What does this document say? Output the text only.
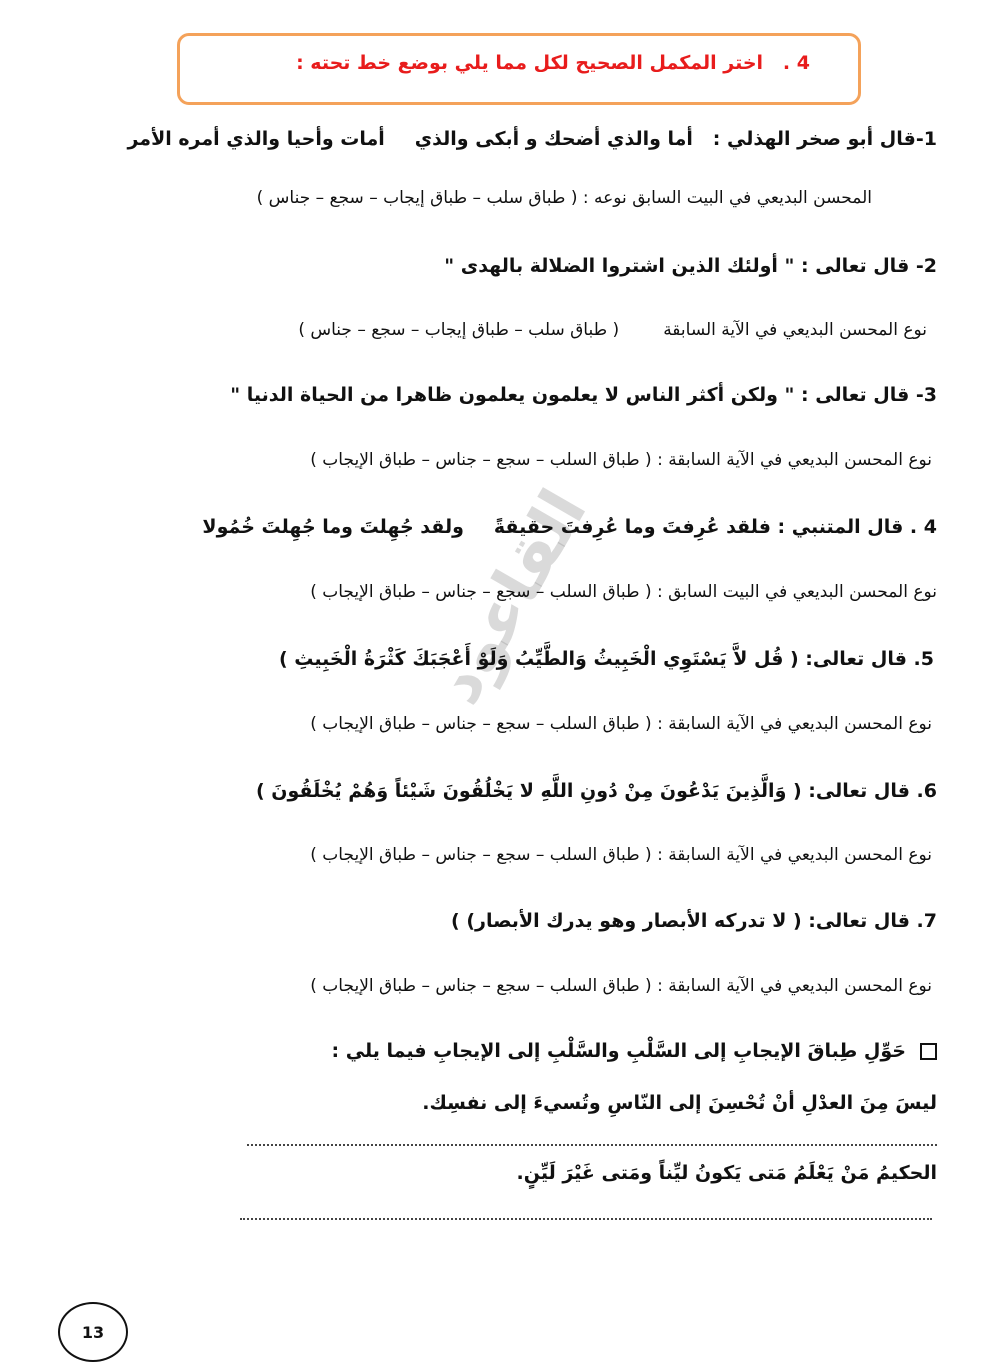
4 .   اختر المكمل الصحيح لكل مما يلي بوضع خط تحته :
القاعود
1-قال أبو صخر الهذلي :   أما والذي أضحك و أبكى والذيأمات وأحيا والذي أمره الأمر
المحسن البديعي في البيت السابق نوعه : ( طباق سلب – طباق إيجاب – سجع – جناس )
2- قال تعالى : " أولئك الذين اشتروا الضلالة بالهدى "
نوع المحسن البديعي في الآية السابقة( طباق سلب – طباق إيجاب – سجع – جناس )
3- قال تعالى : " ولكن أكثر الناس لا يعلمون يعلمون ظاهرا من الحياة الدنيا "
نوع المحسن البديعي في الآية السابقة : ( طباق السلب – سجع – جناس – طباق الإيجاب )
4 . قال المتنبي : فلقد عُرِفتَ وما عُرِفتَ حقيقةًولقد جُهِلتَ وما جُهِلتَ خُمُولا
نوع المحسن البديعي في البيت السابق : ( طباق السلب – سجع – جناس – طباق الإيجاب )
5. قال تعالى: ( قُل لاَّ يَسْتَوِي الْخَبِيثُ وَالطَّيِّبُ وَلَوْ أَعْجَبَكَ كَثْرَةُ الْخَبِيثِ )
نوع المحسن البديعي في الآية السابقة : ( طباق السلب – سجع – جناس – طباق الإيجاب )
6. قال تعالى: ( وَالَّذِينَ يَدْعُونَ مِنْ دُونِ اللَّهِ لا يَخْلُقُونَ شَيْئاً وَهُمْ يُخْلَقُونَ )
نوع المحسن البديعي في الآية السابقة : ( طباق السلب – سجع – جناس – طباق الإيجاب )
7. قال تعالى: ( لا تدركه الأبصار وهو يدرك الأبصار) )
نوع المحسن البديعي في الآية السابقة : ( طباق السلب – سجع – جناس – طباق الإيجاب )
حَوِّلِ طِباقَ الإيجابِ إلى السَّلْبِ والسَّلْبِ إلى الإيجابِ فيما يلي :
ليسَ مِنَ العدْلِ أنْ تُحْسِنَ إلى النّاسِ وتُسيءَ إلى نفسِك.
الحكيمُ مَنْ يَعْلَمُ مَتى يَكونُ ليِّناً ومَتى غَيْرَ لَيِّنٍ.
13
